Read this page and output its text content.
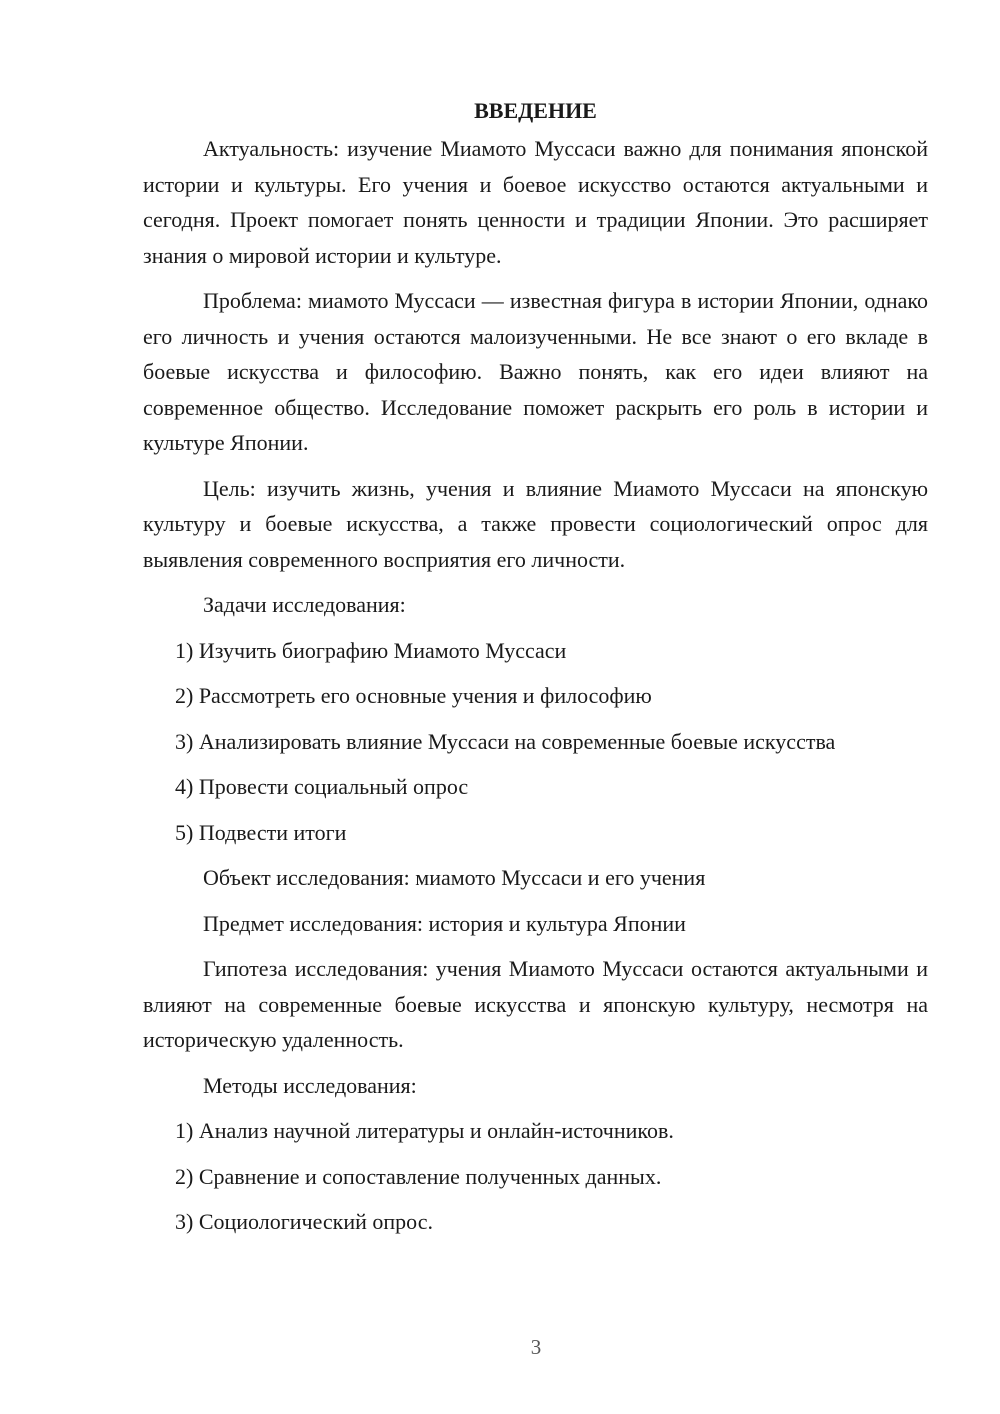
ВВЕДЕНИЕ

Актуальность: изучение Миамото Муссаси важно для понимания японской истории и культуры. Его учения и боевое искусство остаются актуальными и сегодня. Проект помогает понять ценности и традиции Японии. Это расширяет знания о мировой истории и культуре.

Проблема: миамото Муссаси — известная фигура в истории Японии, однако его личность и учения остаются малоизученными. Не все знают о его вкладе в боевые искусства и философию. Важно понять, как его идеи влияют на современное общество. Исследование поможет раскрыть его роль в истории и культуре Японии.

Цель: изучить жизнь, учения и влияние Миамото Муссаси на японскую культуру и боевые искусства, а также провести социологический опрос для выявления современного восприятия его личности.

Задачи исследования:

1) Изучить биографию Миамото Муссаси

2) Рассмотреть его основные учения и философию

3) Анализировать влияние Муссаси на современные боевые искусства

4) Провести социальный опрос

5) Подвести итоги

Объект исследования: миамото Муссаси и его учения

Предмет исследования: история и культура Японии

Гипотеза исследования: учения Миамото Муссаси остаются актуальными и влияют на современные боевые искусства и японскую культуру, несмотря на историческую удаленность.

Методы исследования:

1) Анализ научной литературы и онлайн-источников.

2) Сравнение и сопоставление полученных данных.

3) Социологический опрос.

3
